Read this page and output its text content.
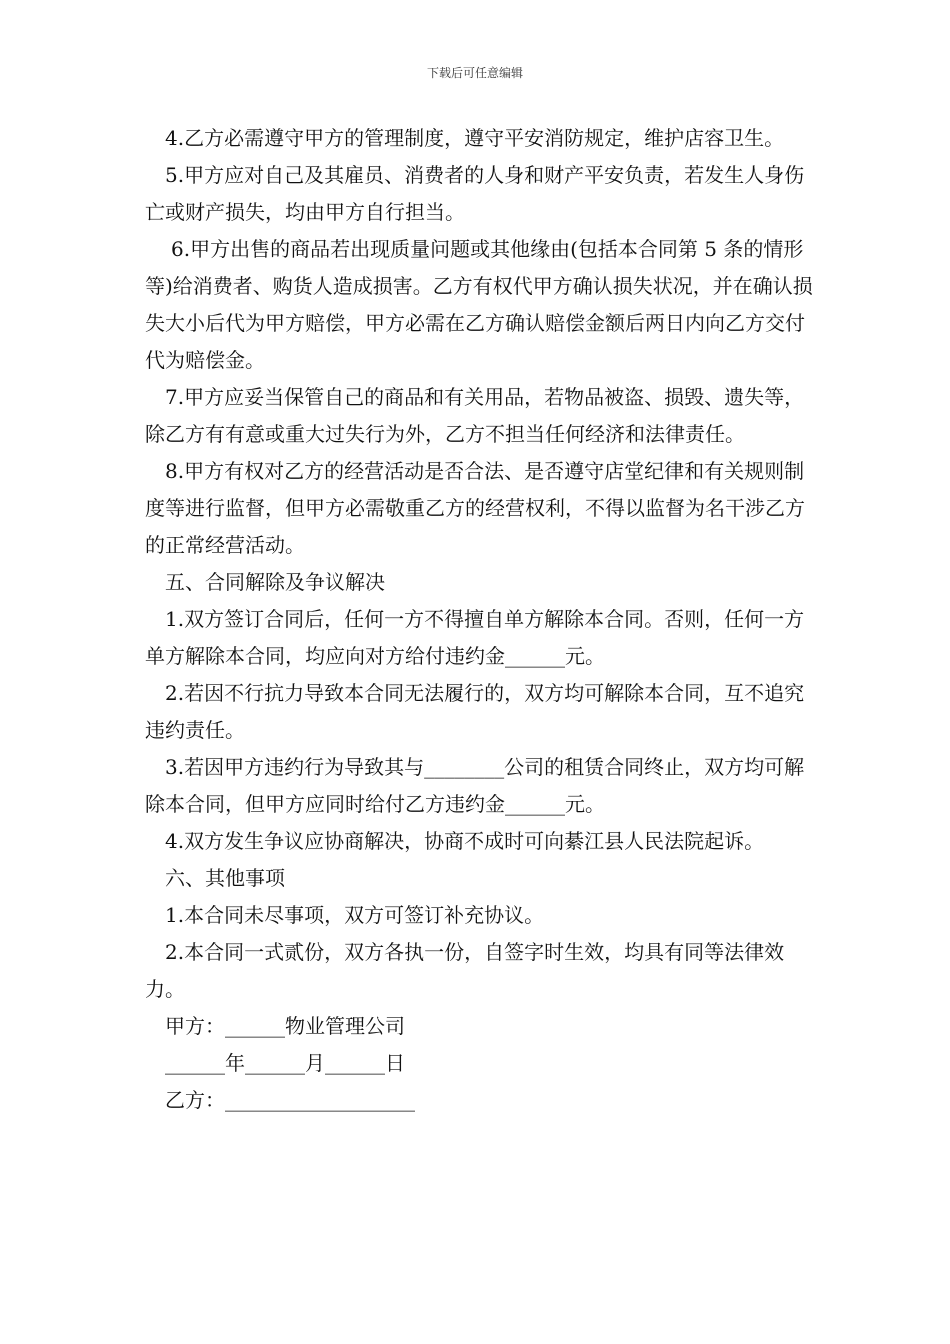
下载后可任意编辑

4.乙方必需遵守甲方的管理制度，遵守平安消防规定，维护店容卫生。

5.甲方应对自己及其雇员、消费者的人身和财产平安负责，若发生人身伤亡或财产损失，均由甲方自行担当。

6.甲方出售的商品若出现质量问题或其他缘由(包括本合同第 5 条的情形等)给消费者、购货人造成损害。乙方有权代甲方确认损失状况，并在确认损失大小后代为甲方赔偿，甲方必需在乙方确认赔偿金额后两日内向乙方交付代为赔偿金。

7.甲方应妥当保管自己的商品和有关用品，若物品被盗、损毁、遗失等，除乙方有有意或重大过失行为外，乙方不担当任何经济和法律责任。

8.甲方有权对乙方的经营活动是否合法、是否遵守店堂纪律和有关规则制度等进行监督，但甲方必需敬重乙方的经营权利，不得以监督为名干涉乙方的正常经营活动。

五、合同解除及争议解决

1.双方签订合同后，任何一方不得擅自单方解除本合同。否则，任何一方单方解除本合同，均应向对方给付违约金______元。

2.若因不行抗力导致本合同无法履行的，双方均可解除本合同，互不追究违约责任。

3.若因甲方违约行为导致其与________公司的租赁合同终止，双方均可解除本合同，但甲方应同时给付乙方违约金______元。

4.双方发生争议应协商解决，协商不成时可向綦江县人民法院起诉。

六、其他事项

1.本合同未尽事项，双方可签订补充协议。

2.本合同一式贰份，双方各执一份，自签字时生效，均具有同等法律效力。

甲方：______物业管理公司

______年______月______日

乙方：___________________
